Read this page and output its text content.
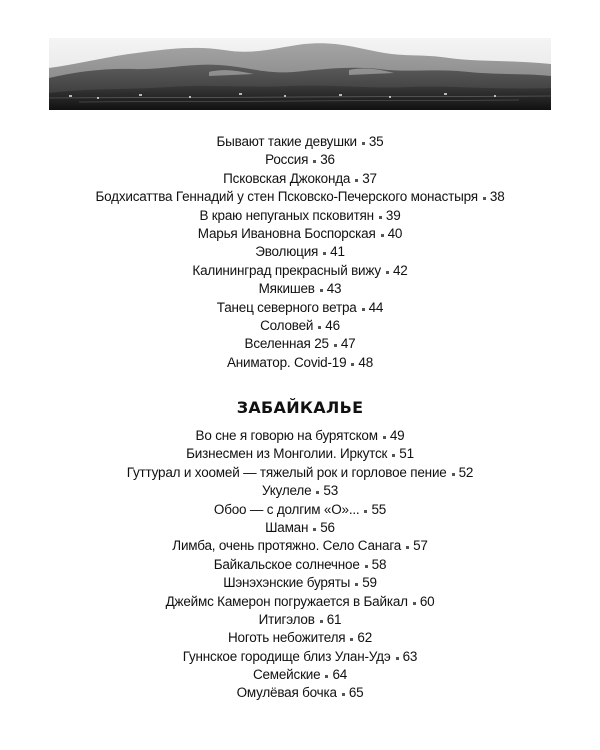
Бывают такие девушки 35
Россия 36
Псковская Джоконда 37
Бодхисаттва Геннадий у стен Псковско-Печерского монастыря 38
В краю непуганых псковитян 39
Марья Ивановна Боспорская 40
Эволюция 41
Калининград прекрасный вижу 42
Мякишев 43
Танец северного ветра 44
Соловей 46
Вселенная 25 47
Аниматор. Covid-19 48
ЗАБАЙКАЛЬЕ
Во сне я говорю на бурятском 49
Бизнесмен из Монголии. Иркутск 51
Гуттурал и хоомей — тяжелый рок и горловое пение 52
Укулеле 53
Обоо — с долгим «О»... 55
Шаман 56
Лимба, очень протяжно. Село Санага 57
Байкальское солнечное 58
Шэнэхэнские буряты 59
Джеймс Камерон погружается в Байкал 60
Итигэлов 61
Ноготь небожителя 62
Гуннское городище близ Улан-Удэ 63
Семейские 64
Омулёвая бочка 65
